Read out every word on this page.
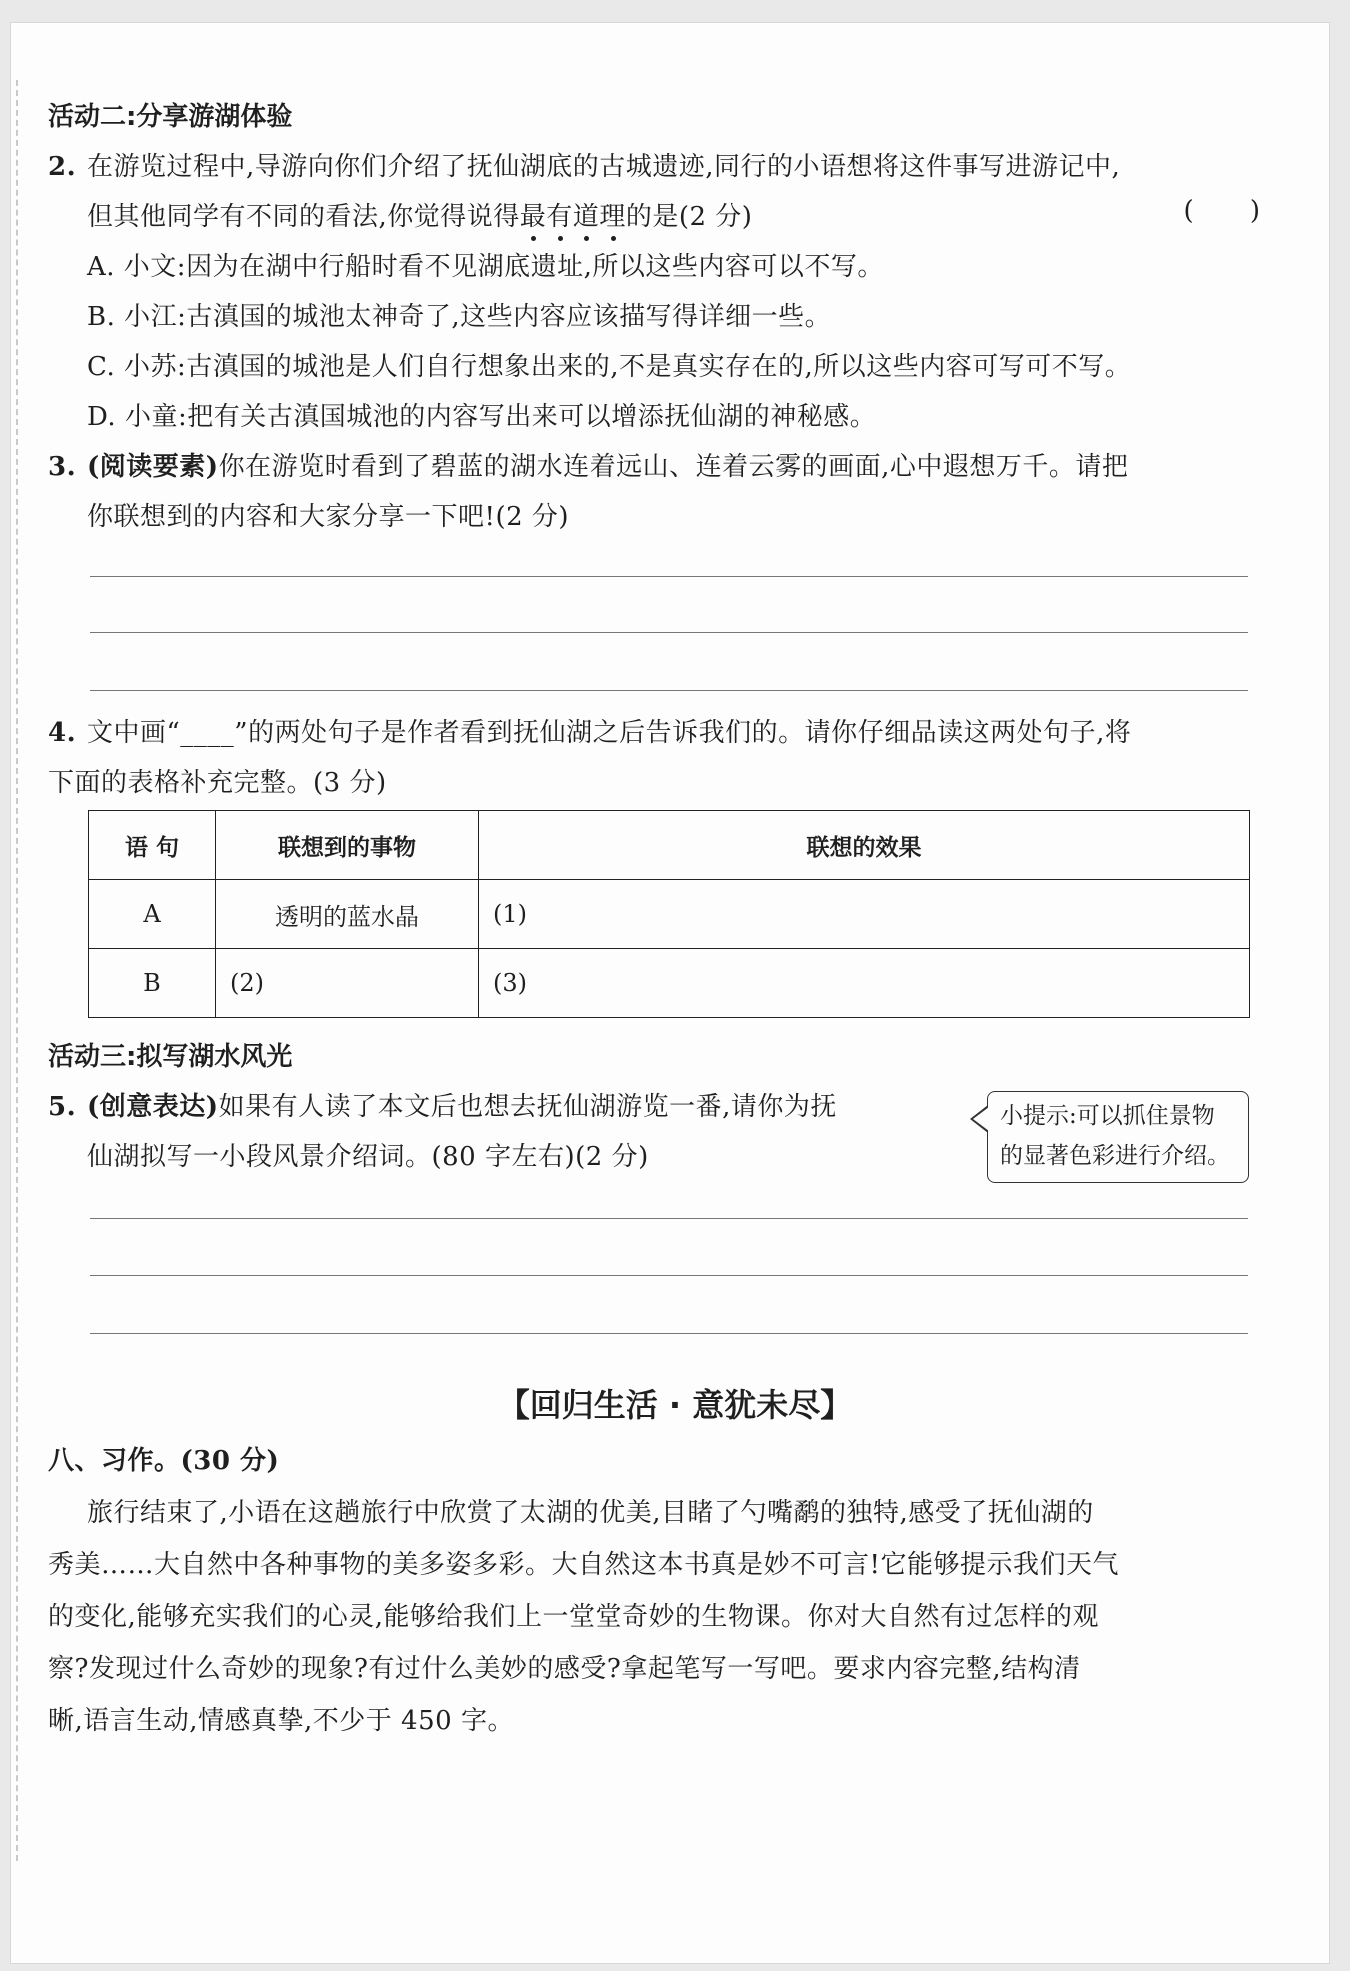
活动二:分享游湖体验
2. 在游览过程中,导游向你们介绍了抚仙湖底的古城遗迹,同行的小语想将这件事写进游记中,
但其他同学有不同的看法,你觉得说得最有道理的是(2 分)	( )
A. 小文:因为在湖中行船时看不见湖底遗址,所以这些内容可以不写。
B. 小江:古滇国的城池太神奇了,这些内容应该描写得详细一些。
C. 小苏:古滇国的城池是人们自行想象出来的,不是真实存在的,所以这些内容可写可不写。
D. 小童:把有关古滇国城池的内容写出来可以增添抚仙湖的神秘感。
3. (阅读要素)你在游览时看到了碧蓝的湖水连着远山、连着云雾的画面,心中遐想万千。请把
你联想到的内容和大家分享一下吧!(2 分)
4. 文中画“____”的两处句子是作者看到抚仙湖之后告诉我们的。请你仔细品读这两处句子,将
下面的表格补充完整。(3 分)
语 句	联想到的事物	联想的效果
A	透明的蓝水晶	(1)
B	(2)	(3)
活动三:拟写湖水风光
5. (创意表达)如果有人读了本文后也想去抚仙湖游览一番,请你为抚
仙湖拟写一小段风景介绍词。(80 字左右)(2 分)
小提示:可以抓住景物
的显著色彩进行介绍。
【回归生活 · 意犹未尽】
八、习作。(30 分)
旅行结束了,小语在这趟旅行中欣赏了太湖的优美,目睹了勺嘴鹬的独特,感受了抚仙湖的
秀美……大自然中各种事物的美多姿多彩。大自然这本书真是妙不可言!它能够提示我们天气
的变化,能够充实我们的心灵,能够给我们上一堂堂奇妙的生物课。你对大自然有过怎样的观
察?发现过什么奇妙的现象?有过什么美妙的感受?拿起笔写一写吧。要求内容完整,结构清
晰,语言生动,情感真挚,不少于 450 字。
